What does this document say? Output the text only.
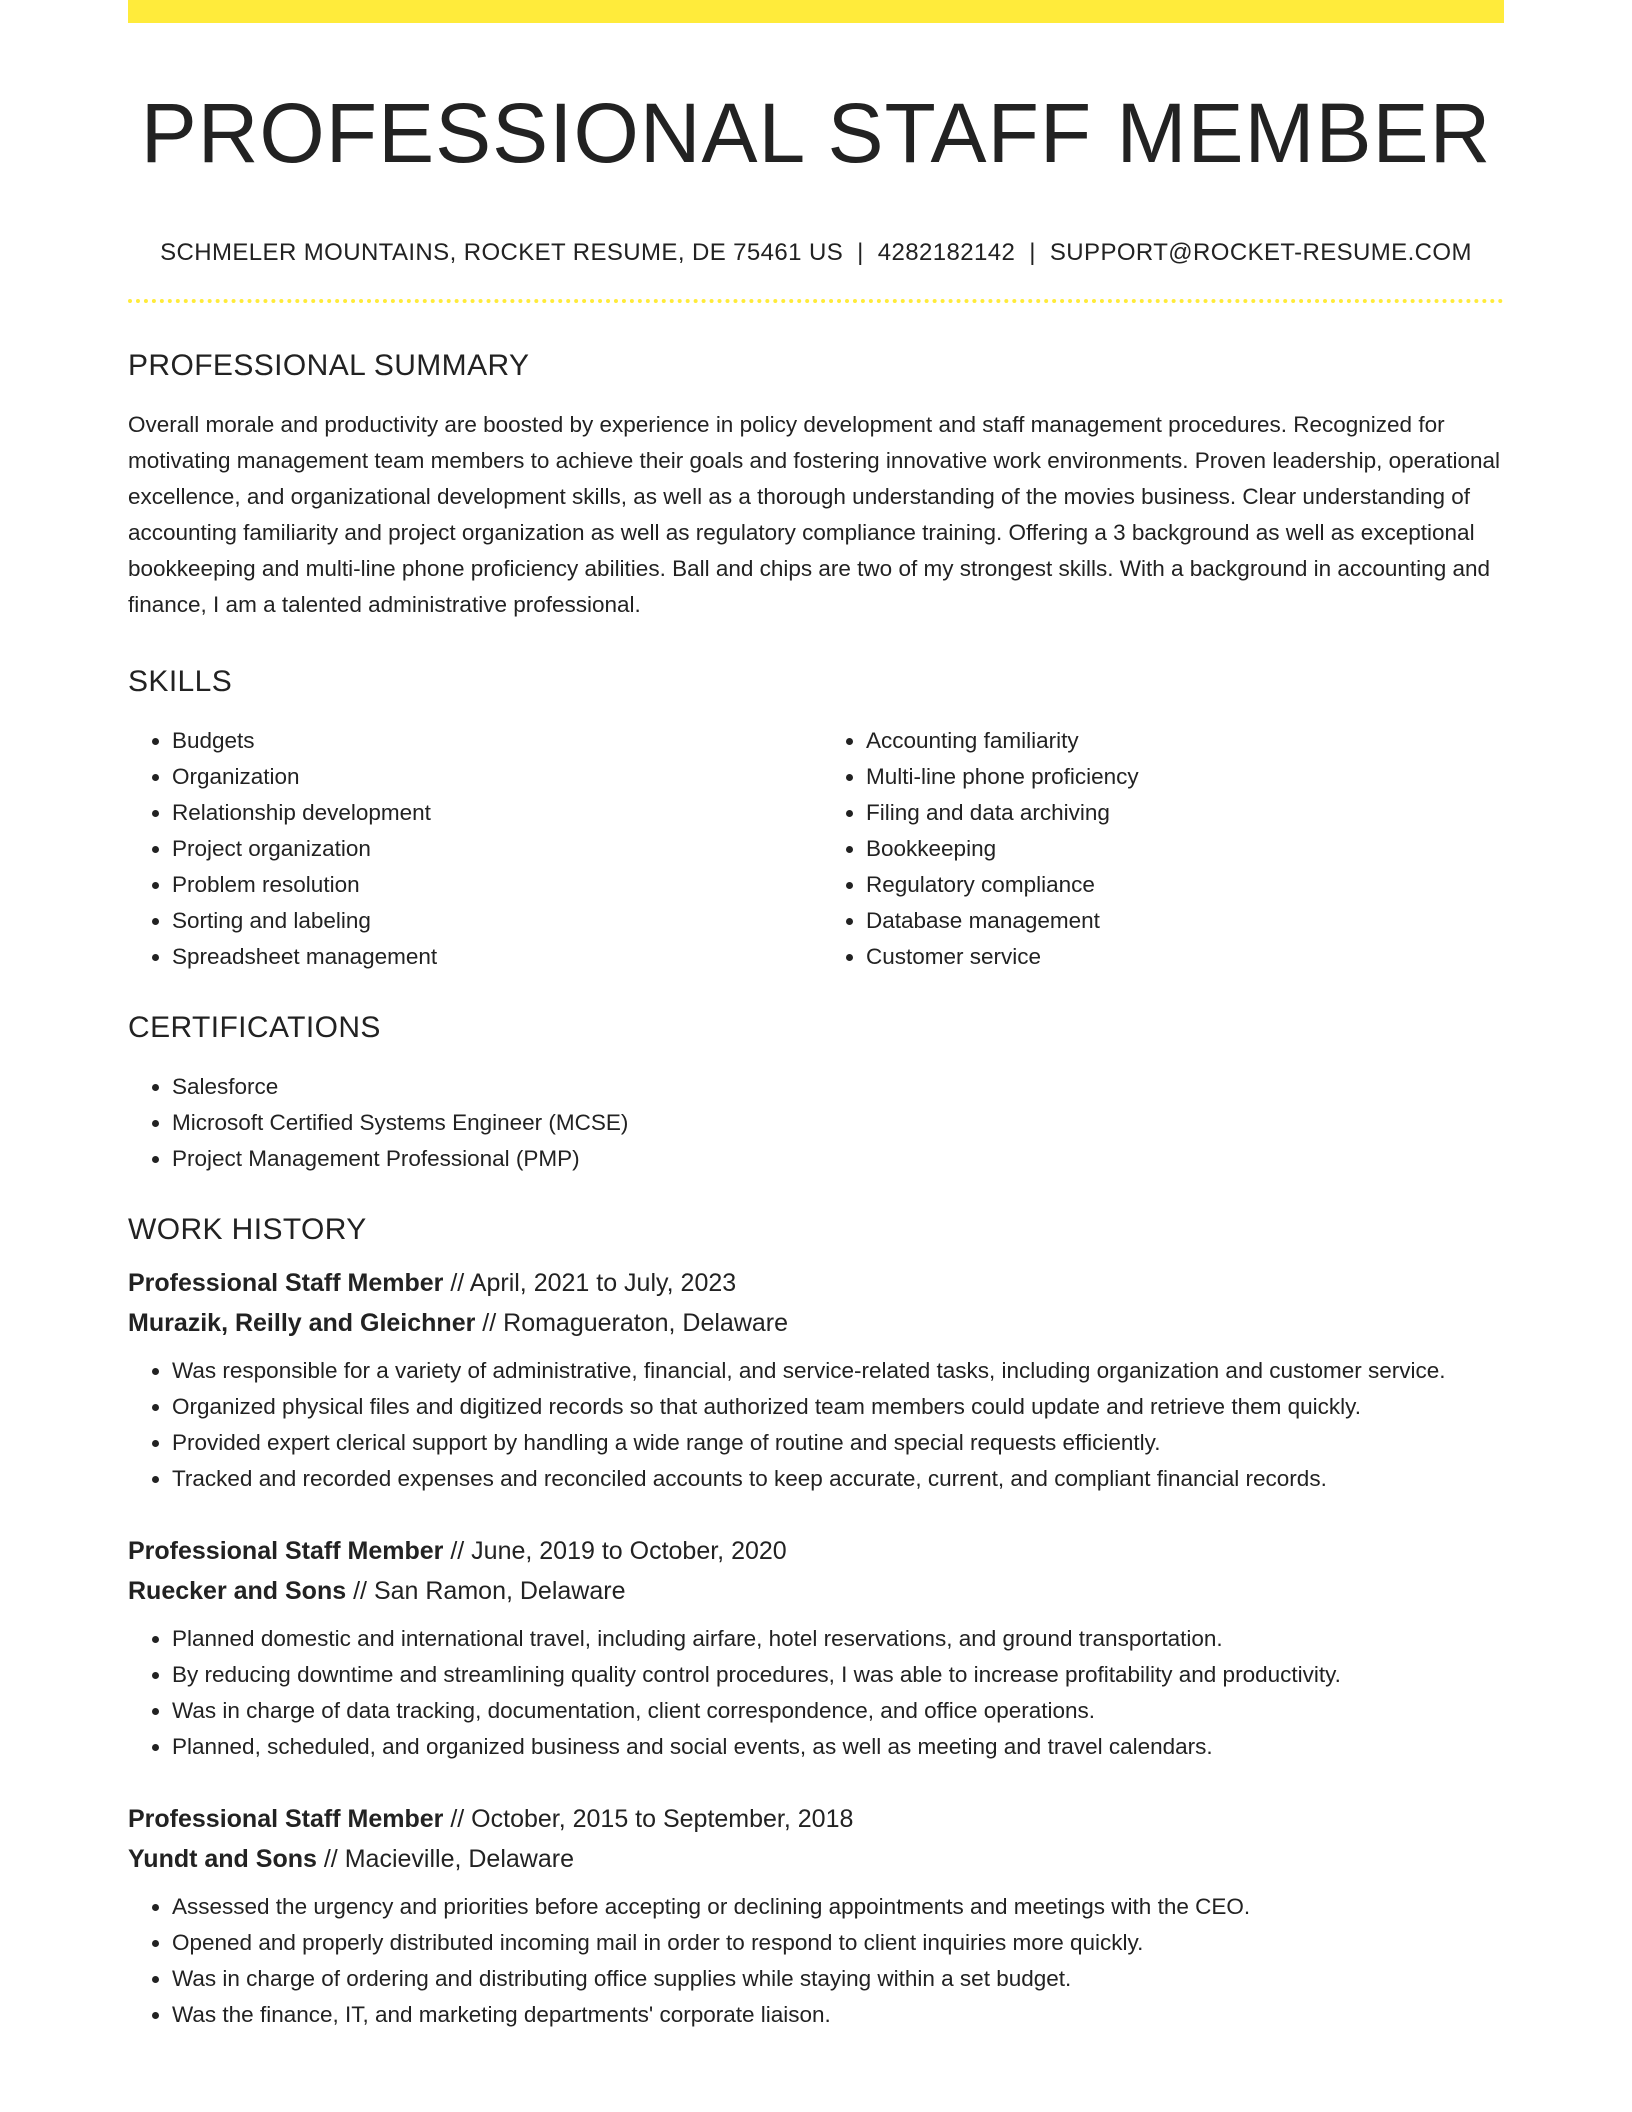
PROFESSIONAL STAFF MEMBER
SCHMELER MOUNTAINS, ROCKET RESUME, DE 75461 US | 4282182142 | SUPPORT@ROCKET-RESUME.COM
PROFESSIONAL SUMMARY

Overall morale and productivity are boosted by experience in policy development and staff management procedures. Recognized for motivating management team members to achieve their goals and fostering innovative work environments. Proven leadership, operational excellence, and organizational development skills, as well as a thorough understanding of the movies business. Clear understanding of accounting familiarity and project organization as well as regulatory compliance training. Offering a 3 background as well as exceptional bookkeeping and multi-line phone proficiency abilities. Ball and chips are two of my strongest skills. With a background in accounting and finance, I am a talented administrative professional.

SKILLS
• Budgets
• Organization
• Relationship development
• Project organization
• Problem resolution
• Sorting and labeling
• Spreadsheet management
• Accounting familiarity
• Multi-line phone proficiency
• Filing and data archiving
• Bookkeeping
• Regulatory compliance
• Database management
• Customer service
CERTIFICATIONS
• Salesforce
• Microsoft Certified Systems Engineer (MCSE)
• Project Management Professional (PMP)
WORK HISTORY
Professional Staff Member // April, 2021 to July, 2023
Murazik, Reilly and Gleichner // Romagueraton, Delaware
• Was responsible for a variety of administrative, financial, and service-related tasks, including organization and customer service.
• Organized physical files and digitized records so that authorized team members could update and retrieve them quickly.
• Provided expert clerical support by handling a wide range of routine and special requests efficiently.
• Tracked and recorded expenses and reconciled accounts to keep accurate, current, and compliant financial records.
Professional Staff Member // June, 2019 to October, 2020
Ruecker and Sons // San Ramon, Delaware
• Planned domestic and international travel, including airfare, hotel reservations, and ground transportation.
• By reducing downtime and streamlining quality control procedures, I was able to increase profitability and productivity.
• Was in charge of data tracking, documentation, client correspondence, and office operations.
• Planned, scheduled, and organized business and social events, as well as meeting and travel calendars.
Professional Staff Member // October, 2015 to September, 2018
Yundt and Sons // Macieville, Delaware
• Assessed the urgency and priorities before accepting or declining appointments and meetings with the CEO.
• Opened and properly distributed incoming mail in order to respond to client inquiries more quickly.
• Was in charge of ordering and distributing office supplies while staying within a set budget.
• Was the finance, IT, and marketing departments' corporate liaison.
